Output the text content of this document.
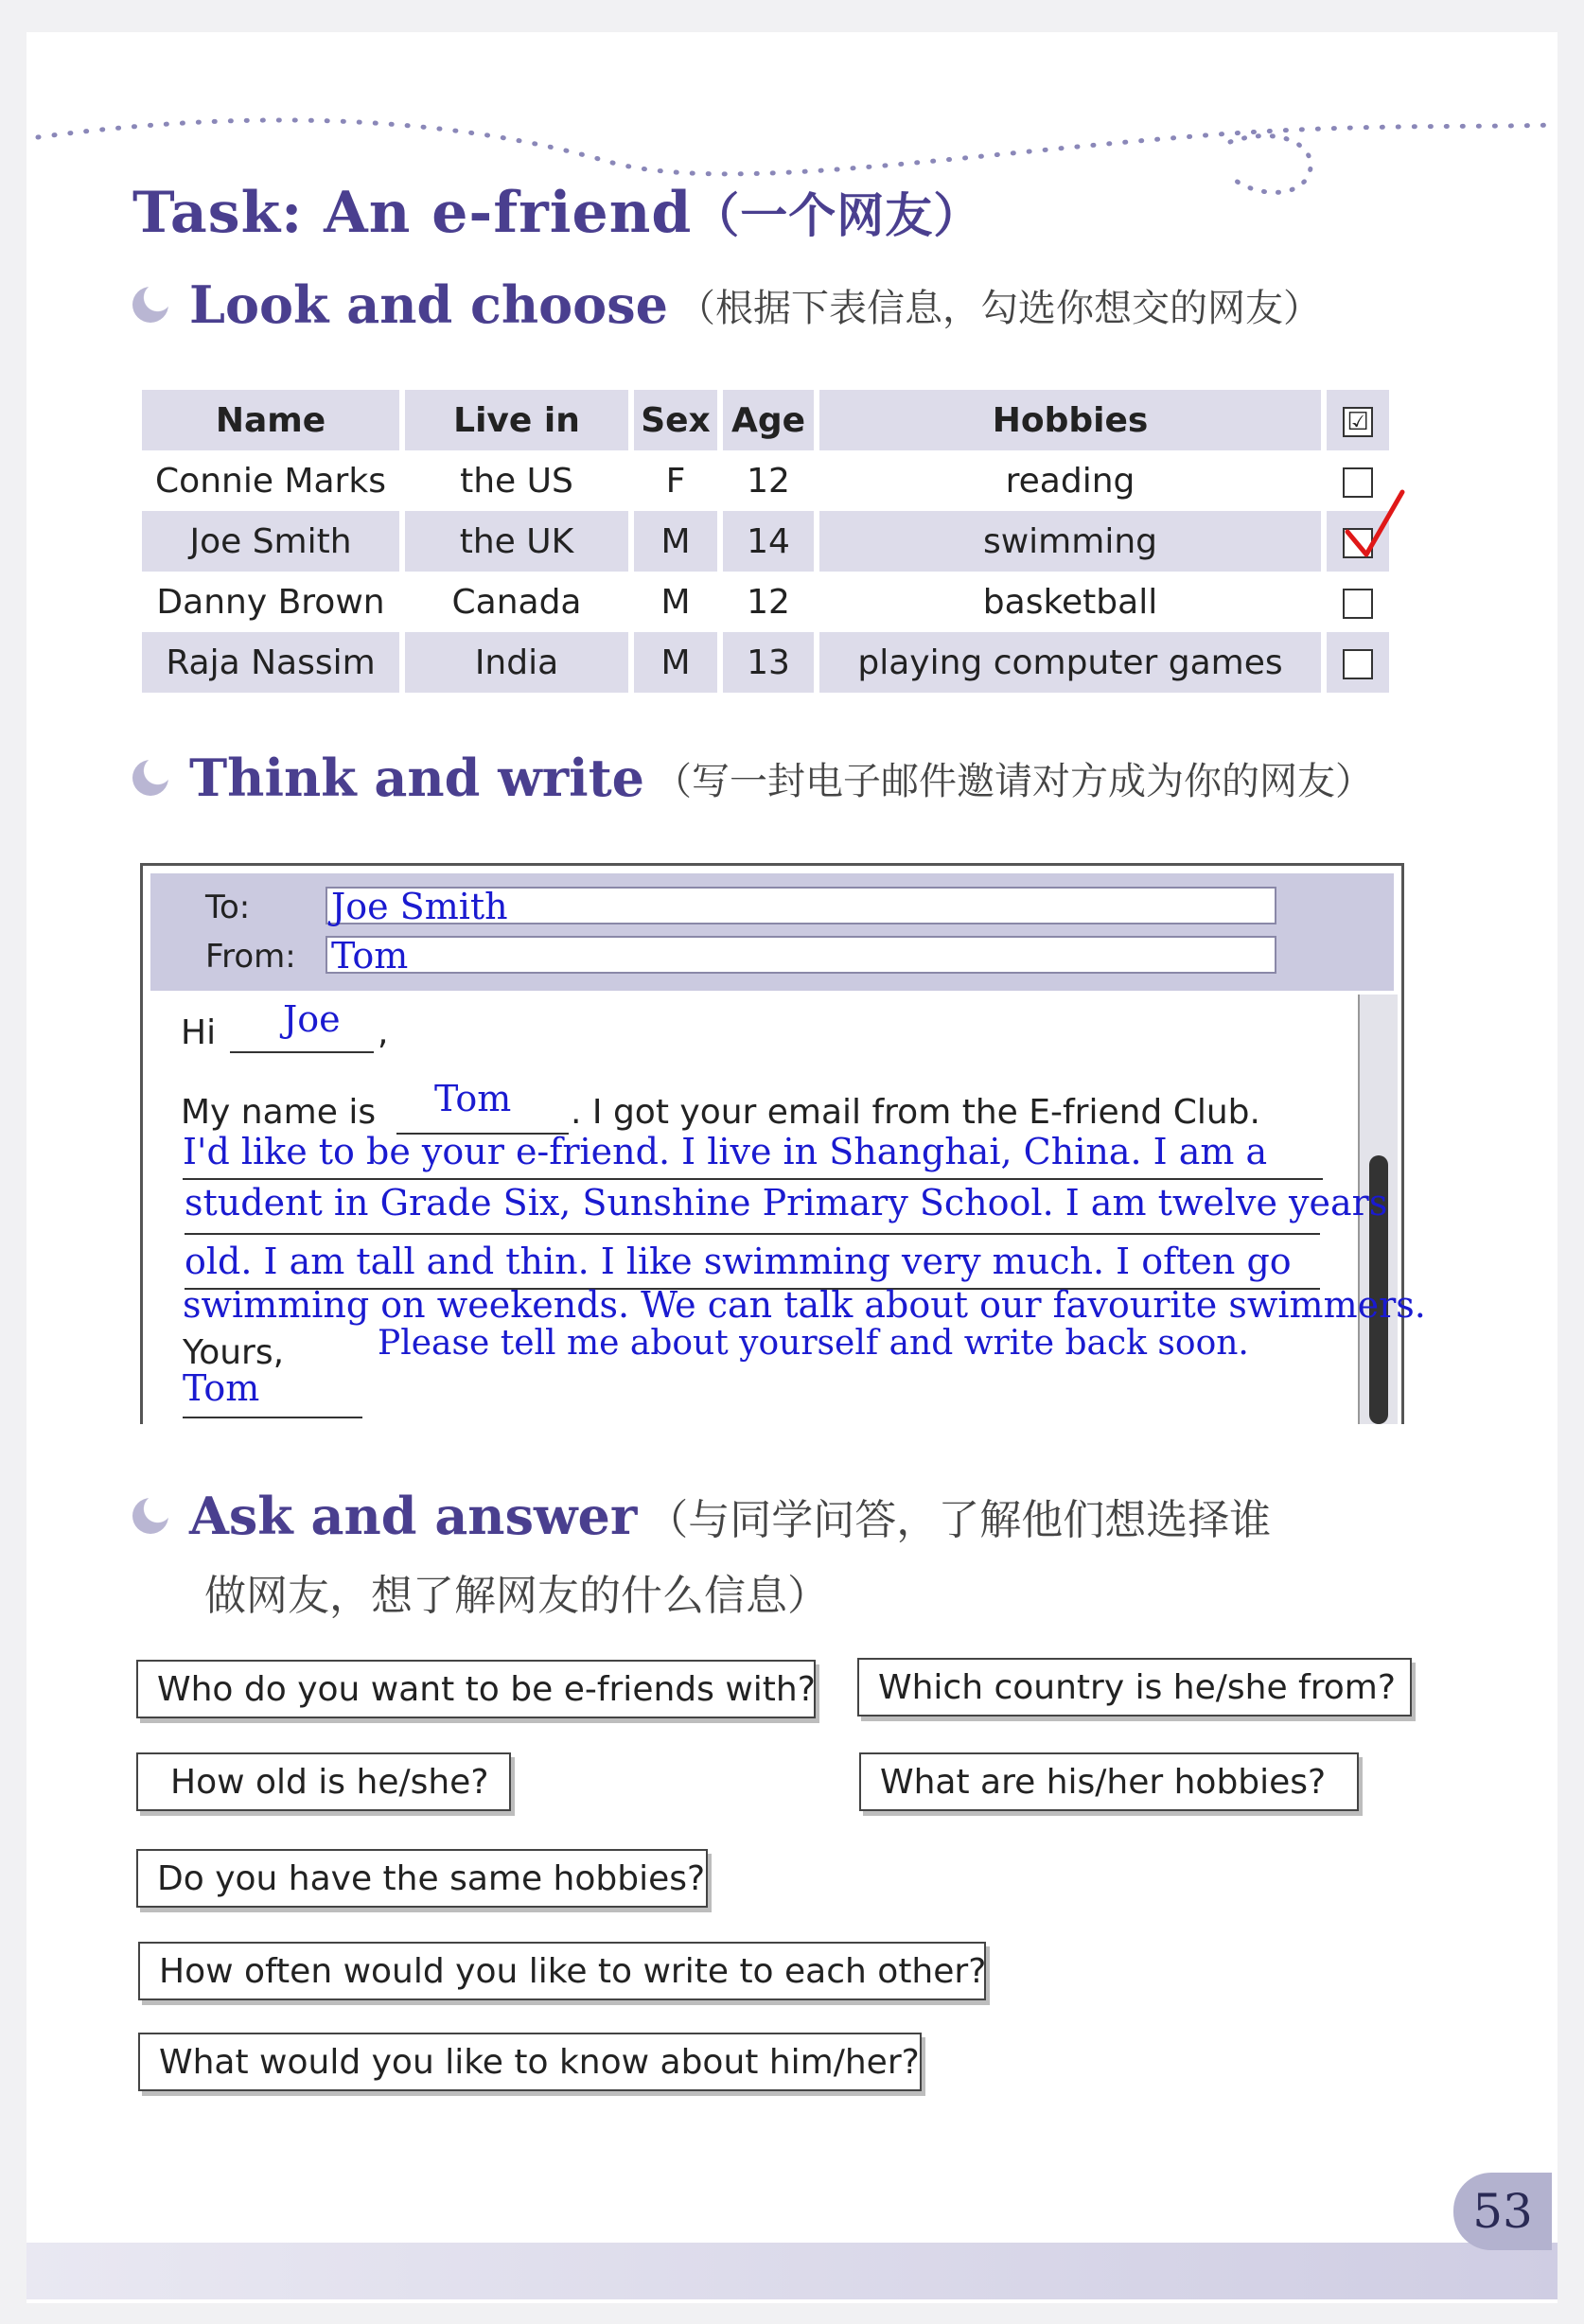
Task: An e-friend（一个网友）
Look and choose （根据下表信息，勾选你想交的网友）
Name	Live in	Sex	Age	Hobbies	☑
Connie Marks	the US	F	12	reading	
Joe Smith	the UK	M	14	swimming	
Danny Brown	Canada	M	12	basketball	
Raja Nassim	India	M	13	playing computer games	
Think and write （写一封电子邮件邀请对方成为你的网友）
To: Joe Smith
From: Tom
Hi Joe ,
My name is Tom . I got your email from the E-friend Club.
I'd like to be your e-friend. I live in Shanghai, China. I am a
student in Grade Six, Sunshine Primary School. I am twelve years
old. I am tall and thin. I like swimming very much. I often go
swimming on weekends. We can talk about our favourite swimmers.
Yours,	Please tell me about yourself and write back soon.
Tom
Ask and answer （与同学问答，了解他们想选择谁
做网友，想了解网友的什么信息）
Who do you want to be e-friends with?	Which country is he/she from?
How old is he/she?	What are his/her hobbies?
Do you have the same hobbies?
How often would you like to write to each other?
What would you like to know about him/her?
53
